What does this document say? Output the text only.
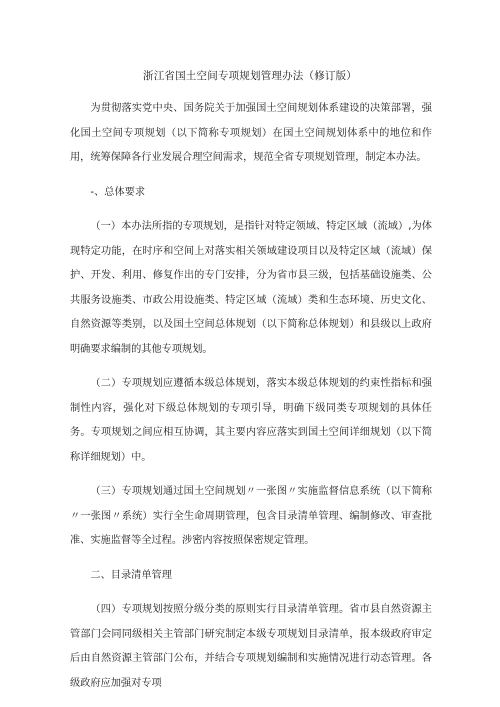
浙江省国土空间专项规划管理办法（修订版）

为贯彻落实党中央、国务院关于加强国土空间规划体系建设的决策部署，强化国土空间专项规划（以下简称专项规划）在国土空间规划体系中的地位和作用，统筹保障各行业发展合理空间需求，规范全省专项规划管理，制定本办法。

-、总体要求

（一）本办法所指的专项规划，是指针对特定领域、特定区域（流域）,为体现特定功能，在时序和空间上对落实相关领域建设项目以及特定区域（流域）保护、开发、利用、修复作出的专门安排，分为省市县三级，包括基础设施类、公共服务设施类、市政公用设施类、特定区域（流域）类和生态环境、历史文化、自然资源等类别，以及国土空间总体规划（以下简称总体规划）和县级以上政府明确要求编制的其他专项规划。

（二）专项规划应遵循本级总体规划，落实本级总体规划的约束性指标和强制性内容，强化对下级总体规划的专项引导，明确下级同类专项规划的具体任务。专项规划之间应相互协调，其主要内容应落实到国土空间详细规划（以下简称详细规划）中。

（三）专项规划通过国土空间规划〃一张图〃实施监督信息系统（以下简称〃一张图〃系统）实行全生命周期管理，包含目录清单管理、编制修改、审查批准、实施监督等全过程。涉密内容按照保密规定管理。

二、目录清单管理

（四）专项规划按照分级分类的原则实行目录清单管理。省市县自然资源主管部门会同同级相关主管部门研究制定本级专项规划目录清单，报本级政府审定后由自然资源主管部门公布，并结合专项规划编制和实施情况进行动态管理。各级政府应加强对专项
